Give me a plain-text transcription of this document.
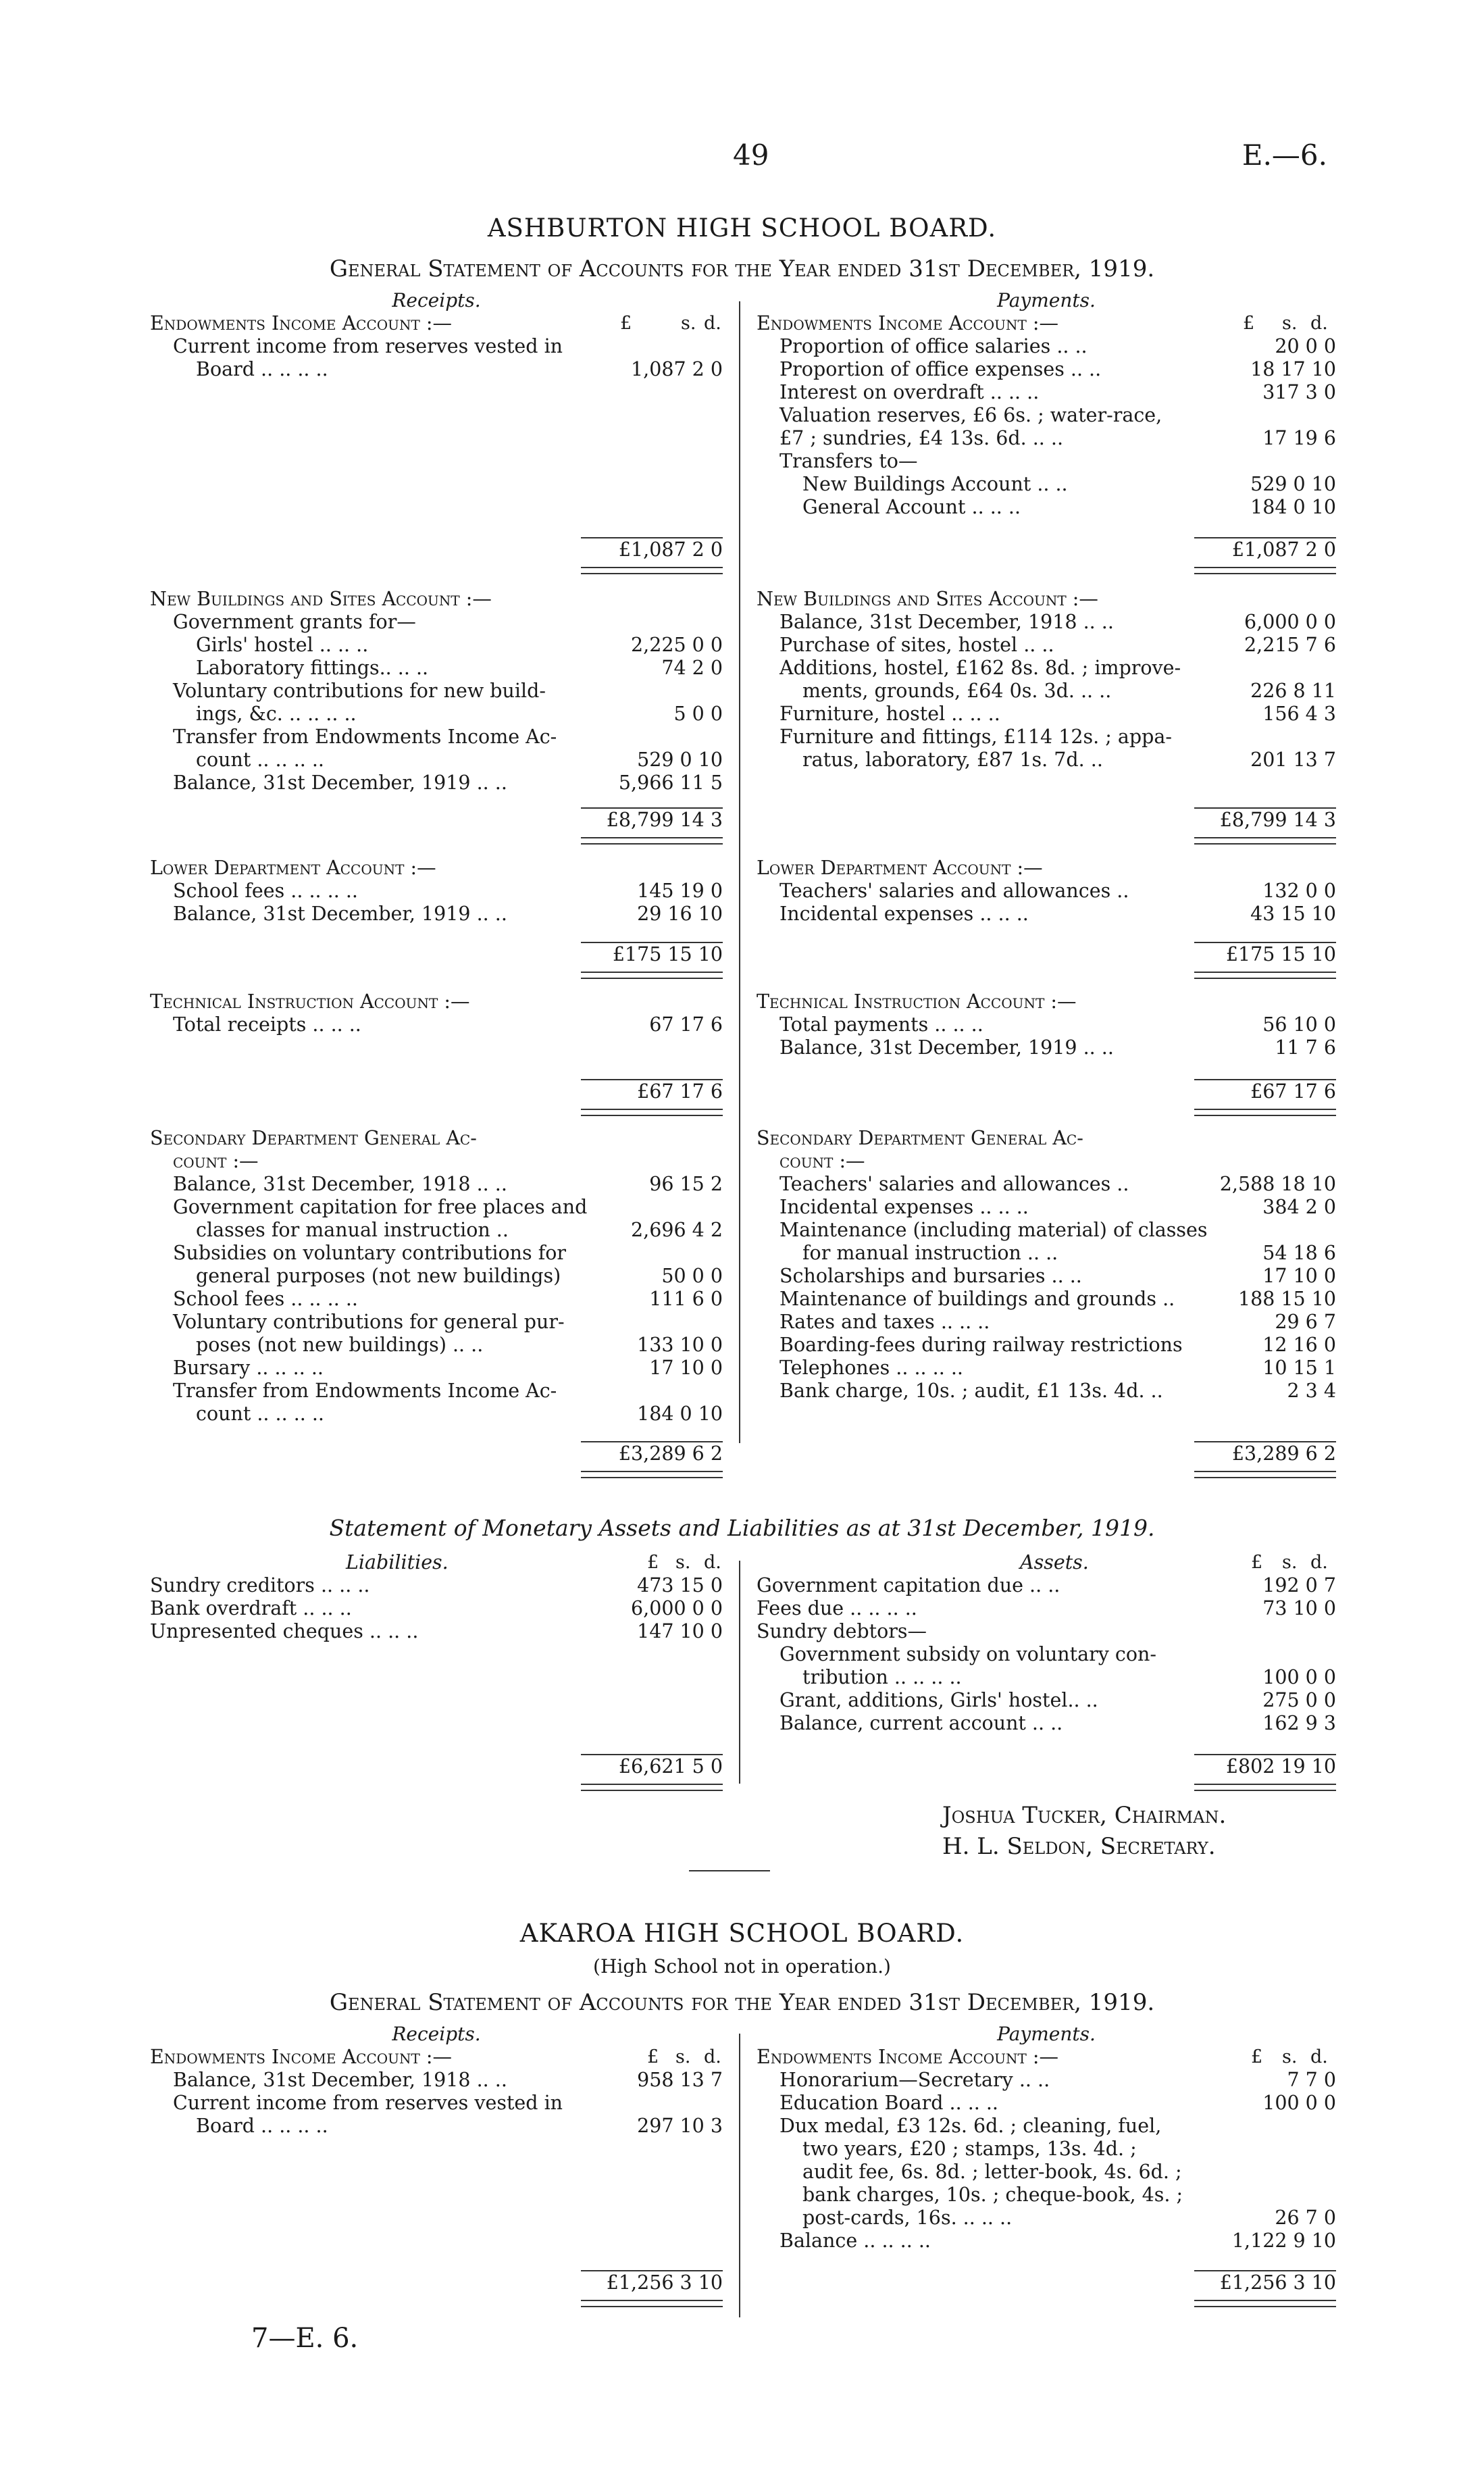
49	E.—6.
ASHBURTON HIGH SCHOOL BOARD.
General Statement of Accounts for the Year ended 31st December, 1919.
Receipts.
Endowments Income Account :—	£	s. d.
Current income from reserves vested in
Board .. .. .. ..	1,087 2 0
£1,087 2 0
New Buildings and Sites Account :—
Government grants for—
Girls' hostel .. .. ..	2,225 0 0
Laboratory fittings.. .. ..	74 2 0
Voluntary contributions for new build-
ings, &c. .. .. .. ..	5 0 0
Transfer from Endowments Income Ac-
count .. .. .. ..	529 0 10
Balance, 31st December, 1919 .. ..	5,966 11 5
£8,799 14 3
Lower Department Account :—
School fees .. .. .. ..	145 19 0
Balance, 31st December, 1919 .. ..	29 16 10
£175 15 10
Technical Instruction Account :—
Total receipts .. .. ..	67 17 6
£67 17 6
Secondary Department General Ac-
count :—
Balance, 31st December, 1918 .. ..	96 15 2
Government capitation for free places and
classes for manual instruction ..	2,696 4 2
Subsidies on voluntary contributions for
general purposes (not new buildings)	50 0 0
School fees .. .. .. ..	111 6 0
Voluntary contributions for general pur-
poses (not new buildings) .. ..	133 10 0
Bursary .. .. .. ..	17 10 0
Transfer from Endowments Income Ac-
count .. .. .. ..	184 0 10
£3,289 6 2
Payments.
Endowments Income Account :—	£ s. d.
Proportion of office salaries .. ..	20 0 0
Proportion of office expenses .. ..	18 17 10
Interest on overdraft .. .. ..	317 3 0
Valuation reserves, £6 6s. ; water-race,
£7 ; sundries, £4 13s. 6d. .. ..	17 19 6
Transfers to—
New Buildings Account .. ..	529 0 10
General Account .. .. ..	184 0 10
£1,087 2 0
New Buildings and Sites Account :—
Balance, 31st December, 1918 .. ..	6,000 0 0
Purchase of sites, hostel .. ..	2,215 7 6
Additions, hostel, £162 8s. 8d. ; improve-
ments, grounds, £64 0s. 3d. .. ..	226 8 11
Furniture, hostel .. .. ..	156 4 3
Furniture and fittings, £114 12s. ; appa-
ratus, laboratory, £87 1s. 7d. ..	201 13 7
£8,799 14 3
Lower Department Account :—
Teachers' salaries and allowances ..	132 0 0
Incidental expenses .. .. ..	43 15 10
£175 15 10
Technical Instruction Account :—
Total payments .. .. ..	56 10 0
Balance, 31st December, 1919 .. ..	11 7 6
£67 17 6
Secondary Department General Ac-
count :—
Teachers' salaries and allowances ..	2,588 18 10
Incidental expenses .. .. ..	384 2 0
Maintenance (including material) of classes
for manual instruction .. ..	54 18 6
Scholarships and bursaries .. ..	17 10 0
Maintenance of buildings and grounds ..	188 15 10
Rates and taxes .. .. ..	29 6 7
Boarding-fees during railway restrictions	12 16 0
Telephones .. .. .. ..	10 15 1
Bank charge, 10s. ; audit, £1 13s. 4d. ..	2 3 4
£3,289 6 2
Statement of Monetary Assets and Liabilities as at 31st December, 1919.
Liabilities.	£ s. d.
Sundry creditors .. .. ..	473 15 0
Bank overdraft .. .. ..	6,000 0 0
Unpresented cheques .. .. ..	147 10 0
£6,621 5 0
Assets.	£ s. d.
Government capitation due .. ..	192 0 7
Fees due .. .. .. ..	73 10 0
Sundry debtors—
Government subsidy on voluntary con-
tribution .. .. .. ..	100 0 0
Grant, additions, Girls' hostel.. ..	275 0 0
Balance, current account .. ..	162 9 3
£802 19 10
Joshua Tucker, Chairman.
H. L. Seldon, Secretary.
AKAROA HIGH SCHOOL BOARD.
(High School not in operation.)
General Statement of Accounts for the Year ended 31st December, 1919.
Receipts.
Endowments Income Account :—	£ s. d.
Balance, 31st December, 1918 .. ..	958 13 7
Current income from reserves vested in
Board .. .. .. ..	297 10 3
£1,256 3 10
Payments.
Endowments Income Account :—	£ s. d.
Honorarium—Secretary .. ..	7 7 0
Education Board .. .. ..	100 0 0
Dux medal, £3 12s. 6d. ; cleaning, fuel,
two years, £20 ; stamps, 13s. 4d. ;
audit fee, 6s. 8d. ; letter-book, 4s. 6d. ;
bank charges, 10s. ; cheque-book, 4s. ;
post-cards, 16s. .. .. ..	26 7 0
Balance .. .. .. ..	1,122 9 10
£1,256 3 10
7—E. 6.
